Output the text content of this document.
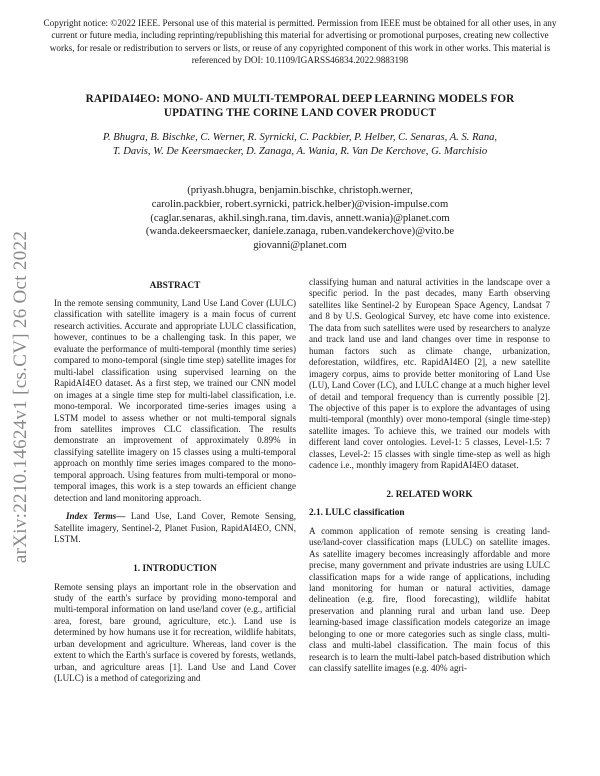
Copyright notice: ©2022 IEEE. Personal use of this material is permitted. Permission from IEEE must be obtained for all other uses, in any current or future media, including reprinting/republishing this material for advertising or promotional purposes, creating new collective works, for resale or redistribution to servers or lists, or reuse of any copyrighted component of this work in other works. This material is referenced by DOI: 10.1109/IGARSS46834.2022.9883198
arXiv:2210.14624v1 [cs.CV] 26 Oct 2022
RAPIDAI4EO: MONO- AND MULTI-TEMPORAL DEEP LEARNING MODELS FOR UPDATING THE CORINE LAND COVER PRODUCT
P. Bhugra, B. Bischke, C. Werner, R. Syrnicki, C. Packbier, P. Helber, C. Senaras, A. S. Rana, T. Davis, W. De Keersmaecker, D. Zanaga, A. Wania, R. Van De Kerchove, G. Marchisio
(priyash.bhugra, benjamin.bischke, christoph.werner,
carolin.packbier, robert.syrnicki, patrick.helber)@vision-impulse.com
(caglar.senaras, akhil.singh.rana, tim.davis, annett.wania)@planet.com
(wanda.dekeersmaecker, daniele.zanaga, ruben.vandekerchove)@vito.be
giovanni@planet.com
ABSTRACT

In the remote sensing community, Land Use Land Cover (LULC) classification with satellite imagery is a main focus of current research activities. Accurate and appropriate LULC classification, however, continues to be a challenging task. In this paper, we evaluate the performance of multi-temporal (monthly time series) compared to mono-temporal (single time step) satellite images for multi-label classification using supervised learning on the RapidAI4EO dataset. As a first step, we trained our CNN model on images at a single time step for multi-label classification, i.e. mono-temporal. We incorporated time-series images using a LSTM model to assess whether or not multi-temporal signals from satellites improves CLC classification. The results demonstrate an improvement of approximately 0.89% in classifying satellite imagery on 15 classes using a multi-temporal approach on monthly time series images compared to the mono-temporal approach. Using features from multi-temporal or mono-temporal images, this work is a step towards an efficient change detection and land monitoring approach.

Index Terms— Land Use, Land Cover, Remote Sensing, Satellite imagery, Sentinel-2, Planet Fusion, RapidAI4EO, CNN, LSTM.

1. INTRODUCTION

Remote sensing plays an important role in the observation and study of the earth's surface by providing mono-temporal and multi-temporal information on land use/land cover (e.g., artificial area, forest, bare ground, agriculture, etc.). Land use is determined by how humans use it for recreation, wildlife habitats, urban development and agriculture. Whereas, land cover is the extent to which the Earth's surface is covered by forests, wetlands, urban, and agriculture areas [1]. Land Use and Land Cover (LULC) is a method of categorizing and

classifying human and natural activities in the landscape over a specific period. In the past decades, many Earth observing satellites like Sentinel-2 by European Space Agency, Landsat 7 and 8 by U.S. Geological Survey, etc have come into existence. The data from such satellites were used by researchers to analyze and track land use and land changes over time in response to human factors such as climate change, urbanization, deforestation, wildfires, etc. RapidAI4EO [2], a new satellite imagery corpus, aims to provide better monitoring of Land Use (LU), Land Cover (LC), and LULC change at a much higher level of detail and temporal frequency than is currently possible [2]. The objective of this paper is to explore the advantages of using multi-temporal (monthly) over mono-temporal (single time-step) satellite images. To achieve this, we trained our models with different land cover ontologies. Level-1: 5 classes, Level-1.5: 7 classes, Level-2: 15 classes with single time-step as well as high cadence i.e., monthly imagery from RapidAI4EO dataset.

2. RELATED WORK
2.1. LULC classification

A common application of remote sensing is creating land-use/land-cover classification maps (LULC) on satellite images. As satellite imagery becomes increasingly affordable and more precise, many government and private industries are using LULC classification maps for a wide range of applications, including land monitoring for human or natural activities, damage delineation (e.g. fire, flood forecasting), wildlife habitat preservation and planning rural and urban land use. Deep learning-based image classification models categorize an image belonging to one or more categories such as single class, multi-class and multi-label classification. The main focus of this research is to learn the multi-label patch-based distribution which can classify satellite images (e.g. 40% agri-
